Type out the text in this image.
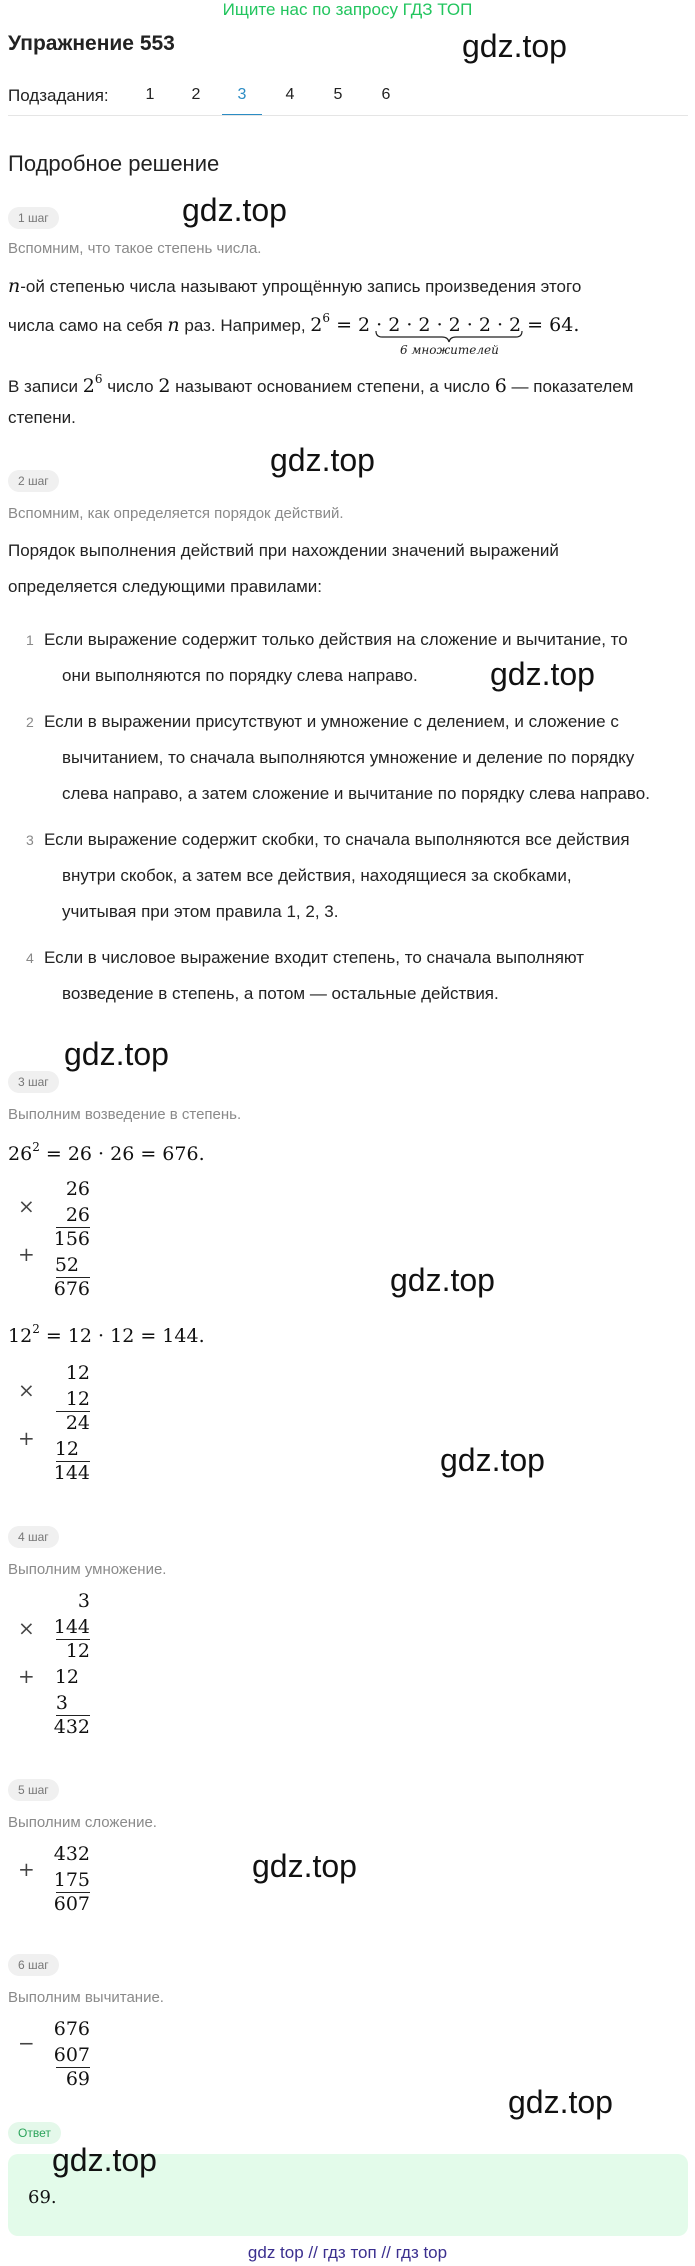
Ищите нас по запросу ГДЗ ТОП
Упражнение 553	gdz.top
Подзадания:	1	2	3	4	5	6
Подробное решение
1 шаг	gdz.top
Вспомним, что такое степень числа.
n-ой степенью числа называют упрощённую запись произведения этого
числа само на себя n раз. Например, $2^6 = 2 \cdot 2 \cdot 2 \cdot 2 \cdot 2 \cdot 2 = 64$.
6 множителей
В записи $2^6$ число 2 называют основанием степени, а число 6 — показателем
степени.
gdz.top
2 шаг
Вспомним, как определяется порядок действий.
Порядок выполнения действий при нахождении значений выражений
определяется следующими правилами:
1 Если выражение содержит только действия на сложение и вычитание, то
они выполняются по порядку слева направо. gdz.top
2 Если в выражении присутствуют и умножение с делением, и сложение с
вычитанием, то сначала выполняются умножение и деление по порядку
слева направо, а затем сложение и вычитание по порядку слева направо.
3 Если выражение содержит скобки, то сначала выполняются все действия
внутри скобок, а затем все действия, находящиеся за скобками,
учитывая при этом правила 1, 2, 3.
4 Если в числовое выражение входит степень, то сначала выполняют
возведение в степень, а потом — остальные действия.
gdz.top
3 шаг
Выполним возведение в степень.
$26^2 = 26 \cdot 26 = 676$.
×
26
26
156
+	52
676	gdz.top
$12^2 = 12 \cdot 12 = 144$.
×
12
12
24
+	12
144	gdz.top
4 шаг
Выполним умножение.
×
3
144
12
+	12
3
432
5 шаг
Выполним сложение.
+
432
175
607
gdz.top
6 шаг
Выполним вычитание.
−
676
607
69
gdz.top
Ответ
gdz.top
69.
gdz top // гдз топ // гдз top
